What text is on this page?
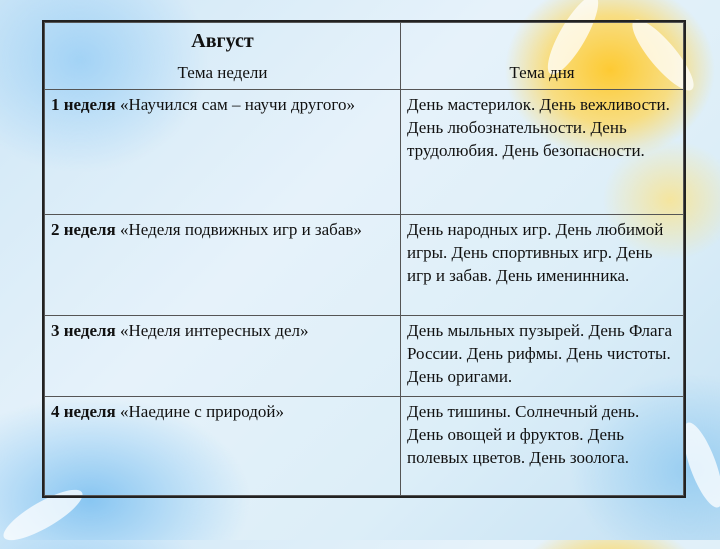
Август
Тема недели	Тема дня

1 неделя «Научился сам – научи другого»	День мастерилок. День вежливости. День любознательности. День трудолюбия. День безопасности.
2 неделя «Неделя подвижных игр и забав»	День народных игр. День любимой игры. День спортивных игр. День игр и забав. День именинника.
3 неделя «Неделя интересных дел»	День мыльных пузырей. День Флага России. День рифмы. День чистоты. День оригами.
4 неделя «Наедине с природой»	День тишины. Солнечный день. День овощей и фруктов. День полевых цветов. День зоолога.
